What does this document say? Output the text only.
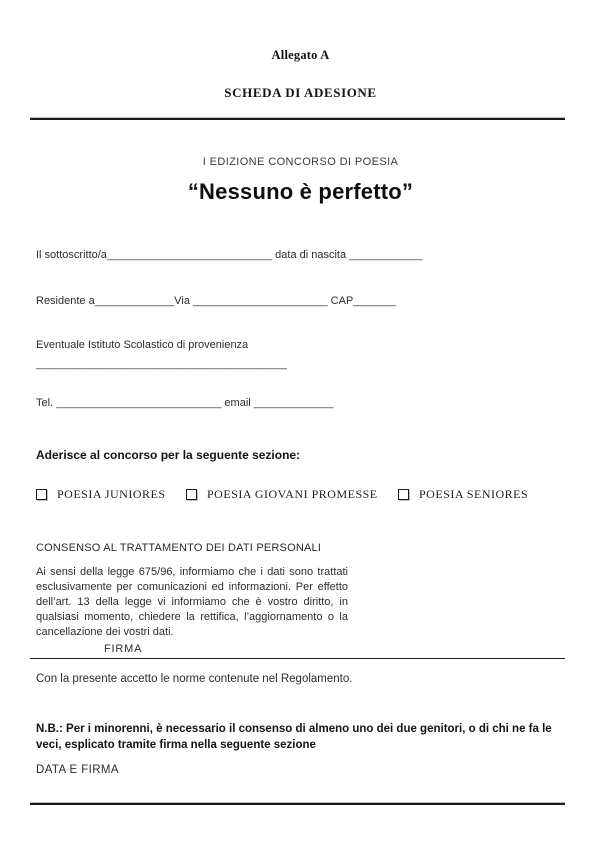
Allegato A
SCHEDA DI ADESIONE
I EDIZIONE CONCORSO DI POESIA
“Nessuno è perfetto”
Il sottoscritto/a___________________________ data di nascita ____________
Residente a_____________Via ______________________ CAP_______
Eventuale Istituto Scolastico di provenienza
_________________________________________
Tel. ___________________________ email _____________
Aderisce al concorso per la seguente sezione:
POESIA JUNIORES	POESIA GIOVANI PROMESSE	POESIA SENIORES
CONSENSO AL TRATTAMENTO DEI DATI PERSONALI
Ai sensi della legge 675/96, informiamo che i dati sono trattati esclusivamente per comunicazioni ed informazioni. Per effetto dell’art. 13 della legge vi informiamo che è vostro diritto, in qualsiasi momento, chiedere la rettifica, l’aggiornamento o la cancellazione dei vostri dati.
FIRMA
Con la presente accetto le norme contenute nel Regolamento.
N.B.: Per i minorenni, è necessario il consenso di almeno uno dei due genitori, o di chi ne fa le veci, esplicato tramite firma nella seguente sezione
DATA E FIRMA
